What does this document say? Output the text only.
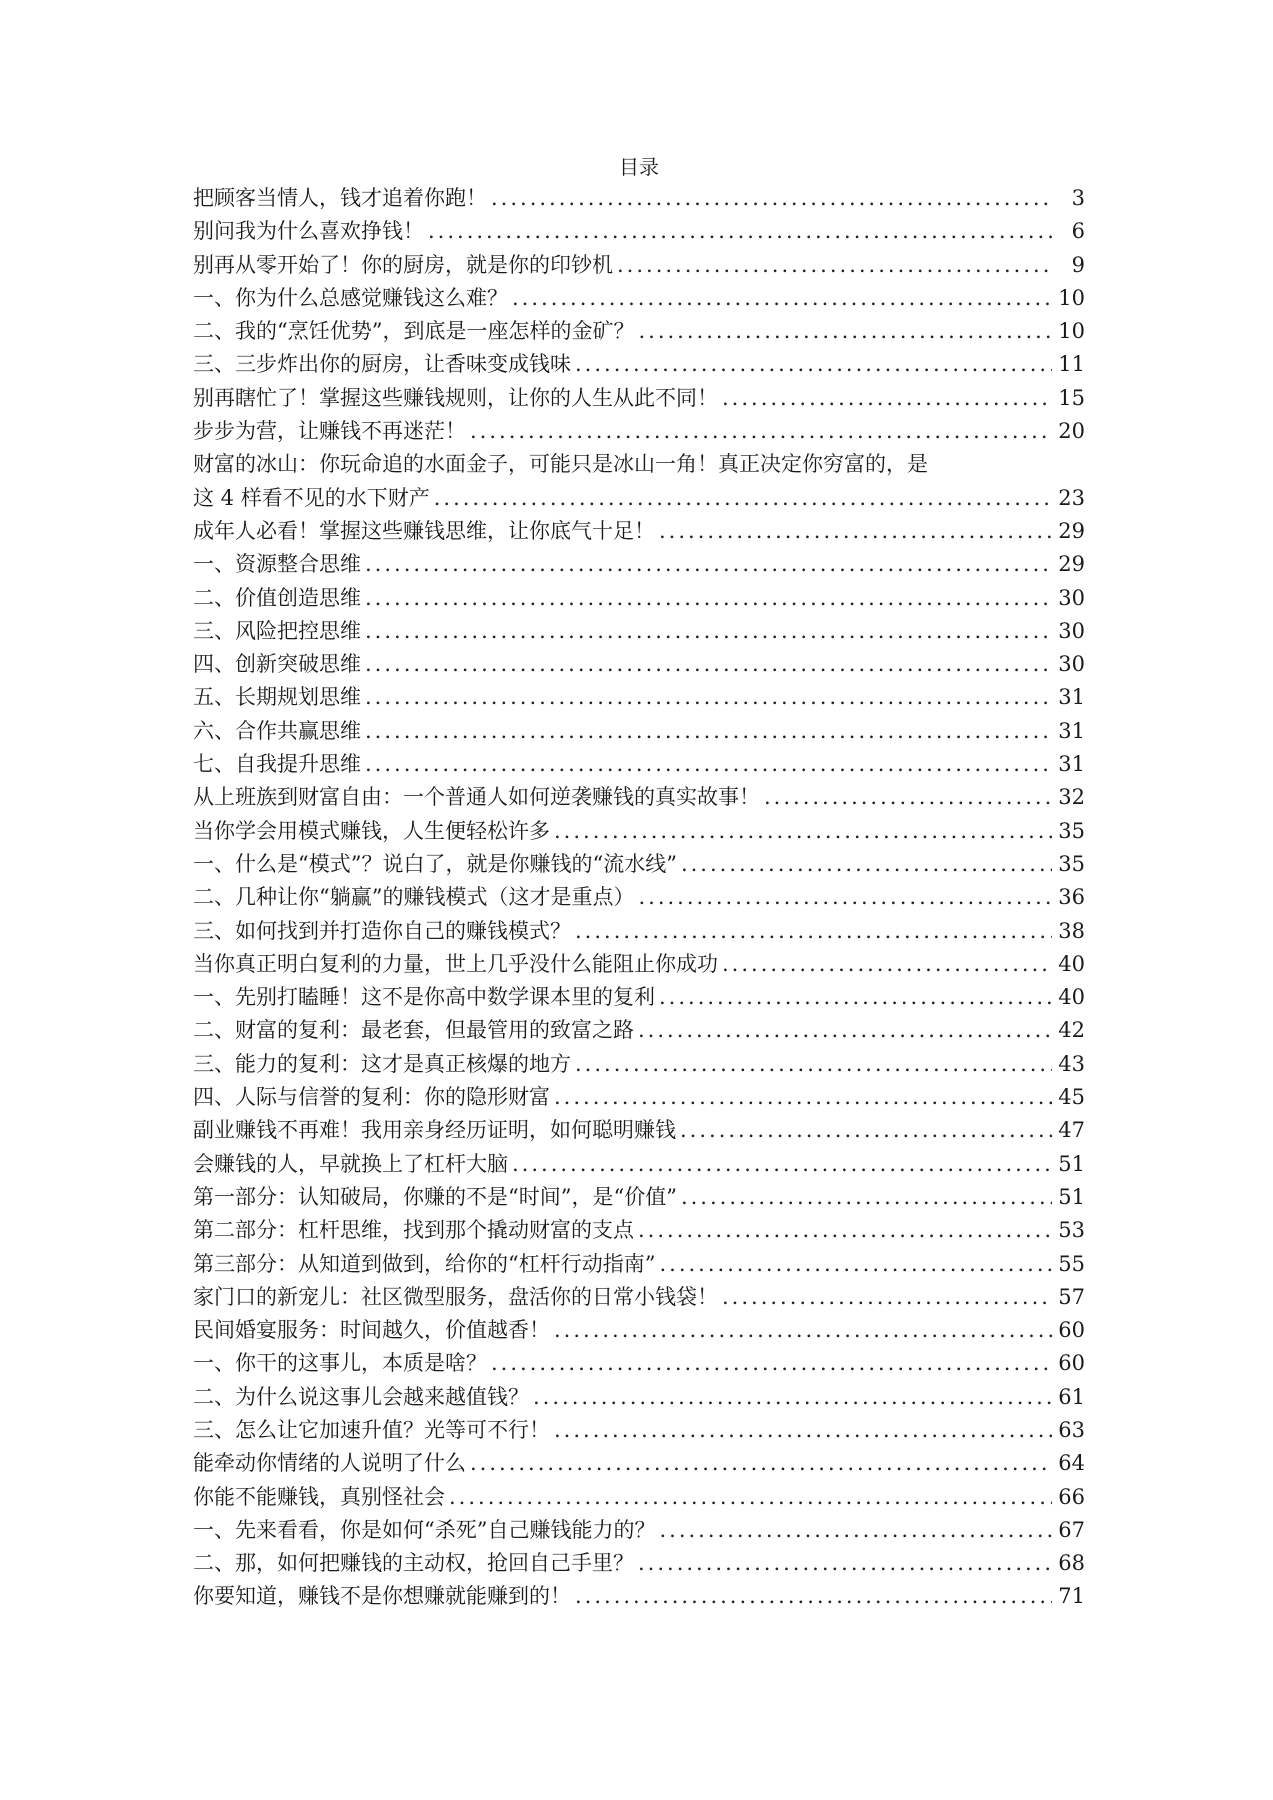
目录
把顾客当情人，钱才追着你跑！ .....	3
别问我为什么喜欢挣钱！ .....	6
别再从零开始了！你的厨房，就是你的印钞机 .....	9
一、你为什么总感觉赚钱这么难？ .....	10
二、我的“烹饪优势”，到底是一座怎样的金矿？ .....	10
三、三步炸出你的厨房，让香味变成钱味 .....	11
别再瞎忙了！掌握这些赚钱规则，让你的人生从此不同！ .....	15
步步为营，让赚钱不再迷茫！ .....	20
财富的冰山：你玩命追的水面金子，可能只是冰山一角！真正决定你穷富的，是
这 4 样看不见的水下财产 .....	23
成年人必看！掌握这些赚钱思维，让你底气十足！ .....	29
一、资源整合思维 .....	29
二、价值创造思维 .....	30
三、风险把控思维 .....	30
四、创新突破思维 .....	30
五、长期规划思维 .....	31
六、合作共赢思维 .....	31
七、自我提升思维 .....	31
从上班族到财富自由：一个普通人如何逆袭赚钱的真实故事！ .....	32
当你学会用模式赚钱，人生便轻松许多 .....	35
一、什么是“模式”？说白了，就是你赚钱的“流水线” .....	35
二、几种让你“躺赢”的赚钱模式（这才是重点） .....	36
三、如何找到并打造你自己的赚钱模式？ .....	38
当你真正明白复利的力量，世上几乎没什么能阻止你成功 .....	40
一、先别打瞌睡！这不是你高中数学课本里的复利 .....	40
二、财富的复利：最老套，但最管用的致富之路 .....	42
三、能力的复利：这才是真正核爆的地方 .....	43
四、人际与信誉的复利：你的隐形财富 .....	45
副业赚钱不再难！我用亲身经历证明，如何聪明赚钱 .....	47
会赚钱的人，早就换上了杠杆大脑 .....	51
第一部分：认知破局，你赚的不是“时间”，是“价值” .....	51
第二部分：杠杆思维，找到那个撬动财富的支点 .....	53
第三部分：从知道到做到，给你的“杠杆行动指南” .....	55
家门口的新宠儿：社区微型服务，盘活你的日常小钱袋！ .....	57
民间婚宴服务：时间越久，价值越香！ .....	60
一、你干的这事儿，本质是啥？ .....	60
二、为什么说这事儿会越来越值钱？ .....	61
三、怎么让它加速升值？光等可不行！ .....	63
能牵动你情绪的人说明了什么 .....	64
你能不能赚钱，真别怪社会 .....	66
一、先来看看，你是如何“杀死”自己赚钱能力的？ .....	67
二、那，如何把赚钱的主动权，抢回自己手里？ .....	68
你要知道，赚钱不是你想赚就能赚到的！ .....	71
